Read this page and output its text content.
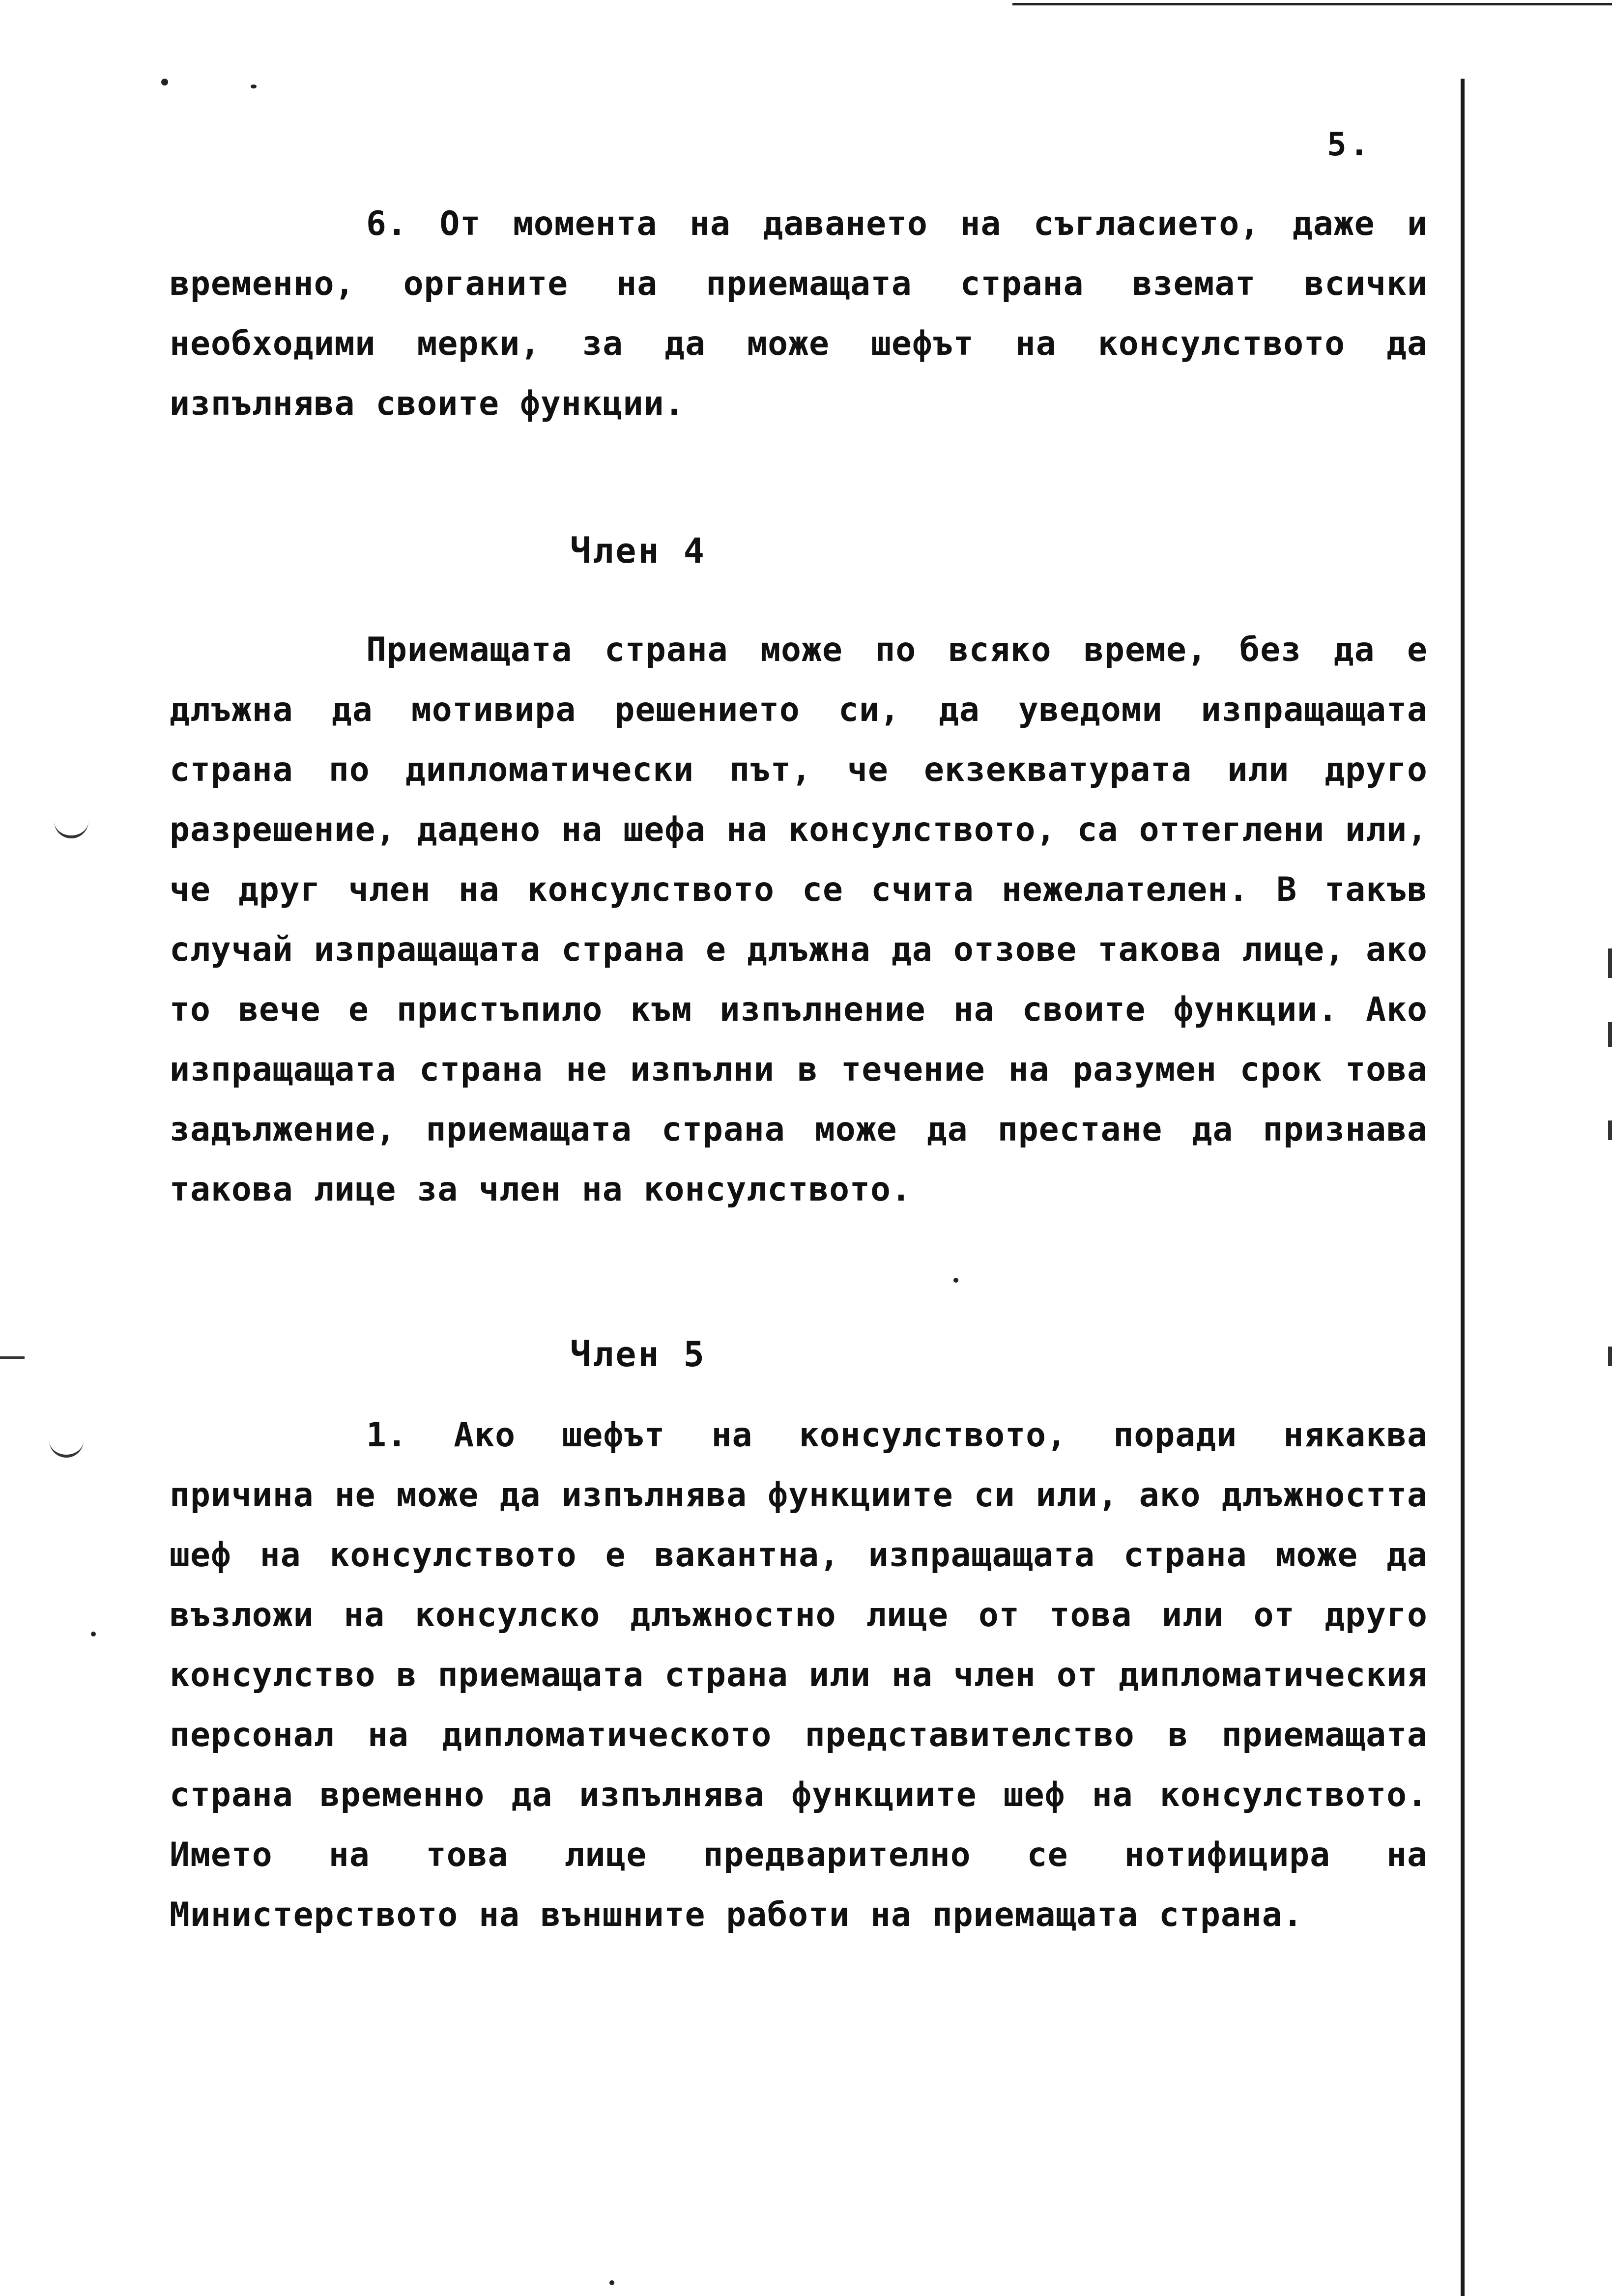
5.
6. От момента на даването на съгласието, даже и временно, органите на приемащата страна вземат всички необходими мерки, за да може шефът на консулството да изпълнява своите функции.
Член 4
Приемащата страна може по всяко време, без да е длъжна да мотивира решението си, да уведоми изпращащата страна по дипломатически път, че екзекватурата или друго разрешение, дадено на шефа на консулството, са оттеглени или, че друг член на консулството се счита нежелателен. В такъв случай изпращащата страна е длъжна да отзове такова лице, ако то вече е пристъпило към изпълнение на своите функции. Ако изпращащата страна не изпълни в течение на разумен срок това задължение, приемащата страна може да престане да признава такова лице за член на консулството.
Член 5
1. Ако шефът на консулството, поради някаква причина не може да изпълнява функциите си или, ако длъжността шеф на консулството е вакантна, изпращащата страна може да възложи на консулско длъжностно лице от това или от друго консулство в приемащата страна или на член от дипломатическия персонал на дипломатическото представителство в приемащата страна временно да изпълнява функциите шеф на консулството. Името на това лице предварително се нотифицира на Министерството на външните работи на приемащата страна.
